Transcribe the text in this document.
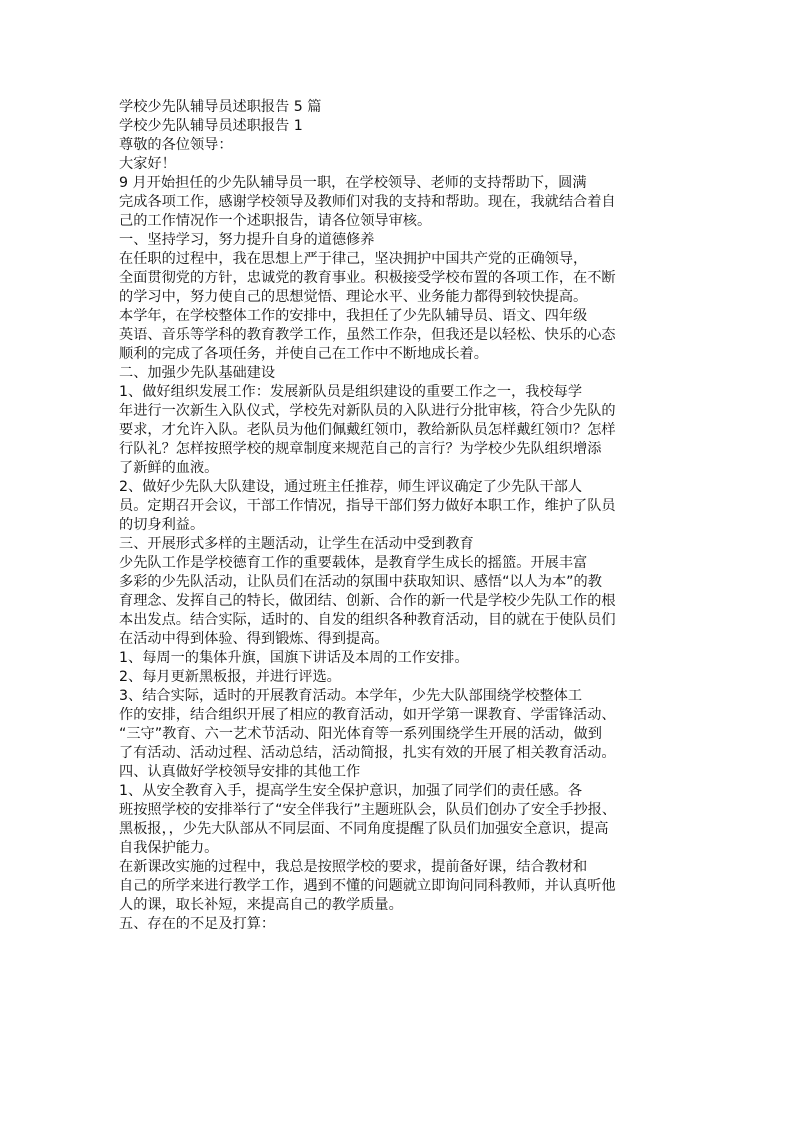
学校少先队辅导员述职报告 5 篇
学校少先队辅导员述职报告 1
尊敬的各位领导：
大家好！
9 月开始担任的少先队辅导员一职，在学校领导、老师的支持帮助下，圆满
完成各项工作，感谢学校领导及教师们对我的支持和帮助。现在，我就结合着自
己的工作情况作一个述职报告，请各位领导审核。
一、坚持学习，努力提升自身的道德修养
在任职的过程中，我在思想上严于律己，坚决拥护中国共产党的正确领导，
全面贯彻党的方针，忠诚党的教育事业。积极接受学校布置的各项工作，在不断
的学习中，努力使自己的思想觉悟、理论水平、业务能力都得到较快提高。
本学年，在学校整体工作的安排中，我担任了少先队辅导员、语文、四年级
英语、音乐等学科的教育教学工作，虽然工作杂，但我还是以轻松、快乐的心态
顺利的完成了各项任务，并使自己在工作中不断地成长着。
二、加强少先队基础建设
1、做好组织发展工作：发展新队员是组织建设的重要工作之一，我校每学
年进行一次新生入队仪式，学校先对新队员的入队进行分批审核，符合少先队的
要求，才允许入队。老队员为他们佩戴红领巾，教给新队员怎样戴红领巾？怎样
行队礼？怎样按照学校的规章制度来规范自己的言行？为学校少先队组织增添
了新鲜的血液。
2、做好少先队大队建设，通过班主任推荐，师生评议确定了少先队干部人
员。定期召开会议，干部工作情况，指导干部们努力做好本职工作，维护了队员
的切身利益。
三、开展形式多样的主题活动，让学生在活动中受到教育
少先队工作是学校德育工作的重要载体，是教育学生成长的摇篮。开展丰富
多彩的少先队活动，让队员们在活动的氛围中获取知识、感悟“以人为本”的教
育理念、发挥自己的特长，做团结、创新、合作的新一代是学校少先队工作的根
本出发点。结合实际，适时的、自发的组织各种教育活动，目的就在于使队员们
在活动中得到体验、得到锻炼、得到提高。
1、每周一的集体升旗，国旗下讲话及本周的工作安排。
2、每月更新黑板报，并进行评选。
3、结合实际，适时的开展教育活动。本学年，少先大队部围绕学校整体工
作的安排，结合组织开展了相应的教育活动，如开学第一课教育、学雷锋活动、
“三守”教育、六一艺术节活动、阳光体育等一系列围绕学生开展的活动，做到
了有活动、活动过程、活动总结，活动简报，扎实有效的开展了相关教育活动。
四、认真做好学校领导安排的其他工作
1、从安全教育入手，提高学生安全保护意识，加强了同学们的责任感。各
班按照学校的安排举行了“安全伴我行”主题班队会，队员们创办了安全手抄报、
黑板报，，少先大队部从不同层面、不同角度提醒了队员们加强安全意识，提高
自我保护能力。
在新课改实施的过程中，我总是按照学校的要求，提前备好课，结合教材和
自己的所学来进行教学工作，遇到不懂的问题就立即询问同科教师，并认真听他
人的课，取长补短，来提高自己的教学质量。
五、存在的不足及打算：
